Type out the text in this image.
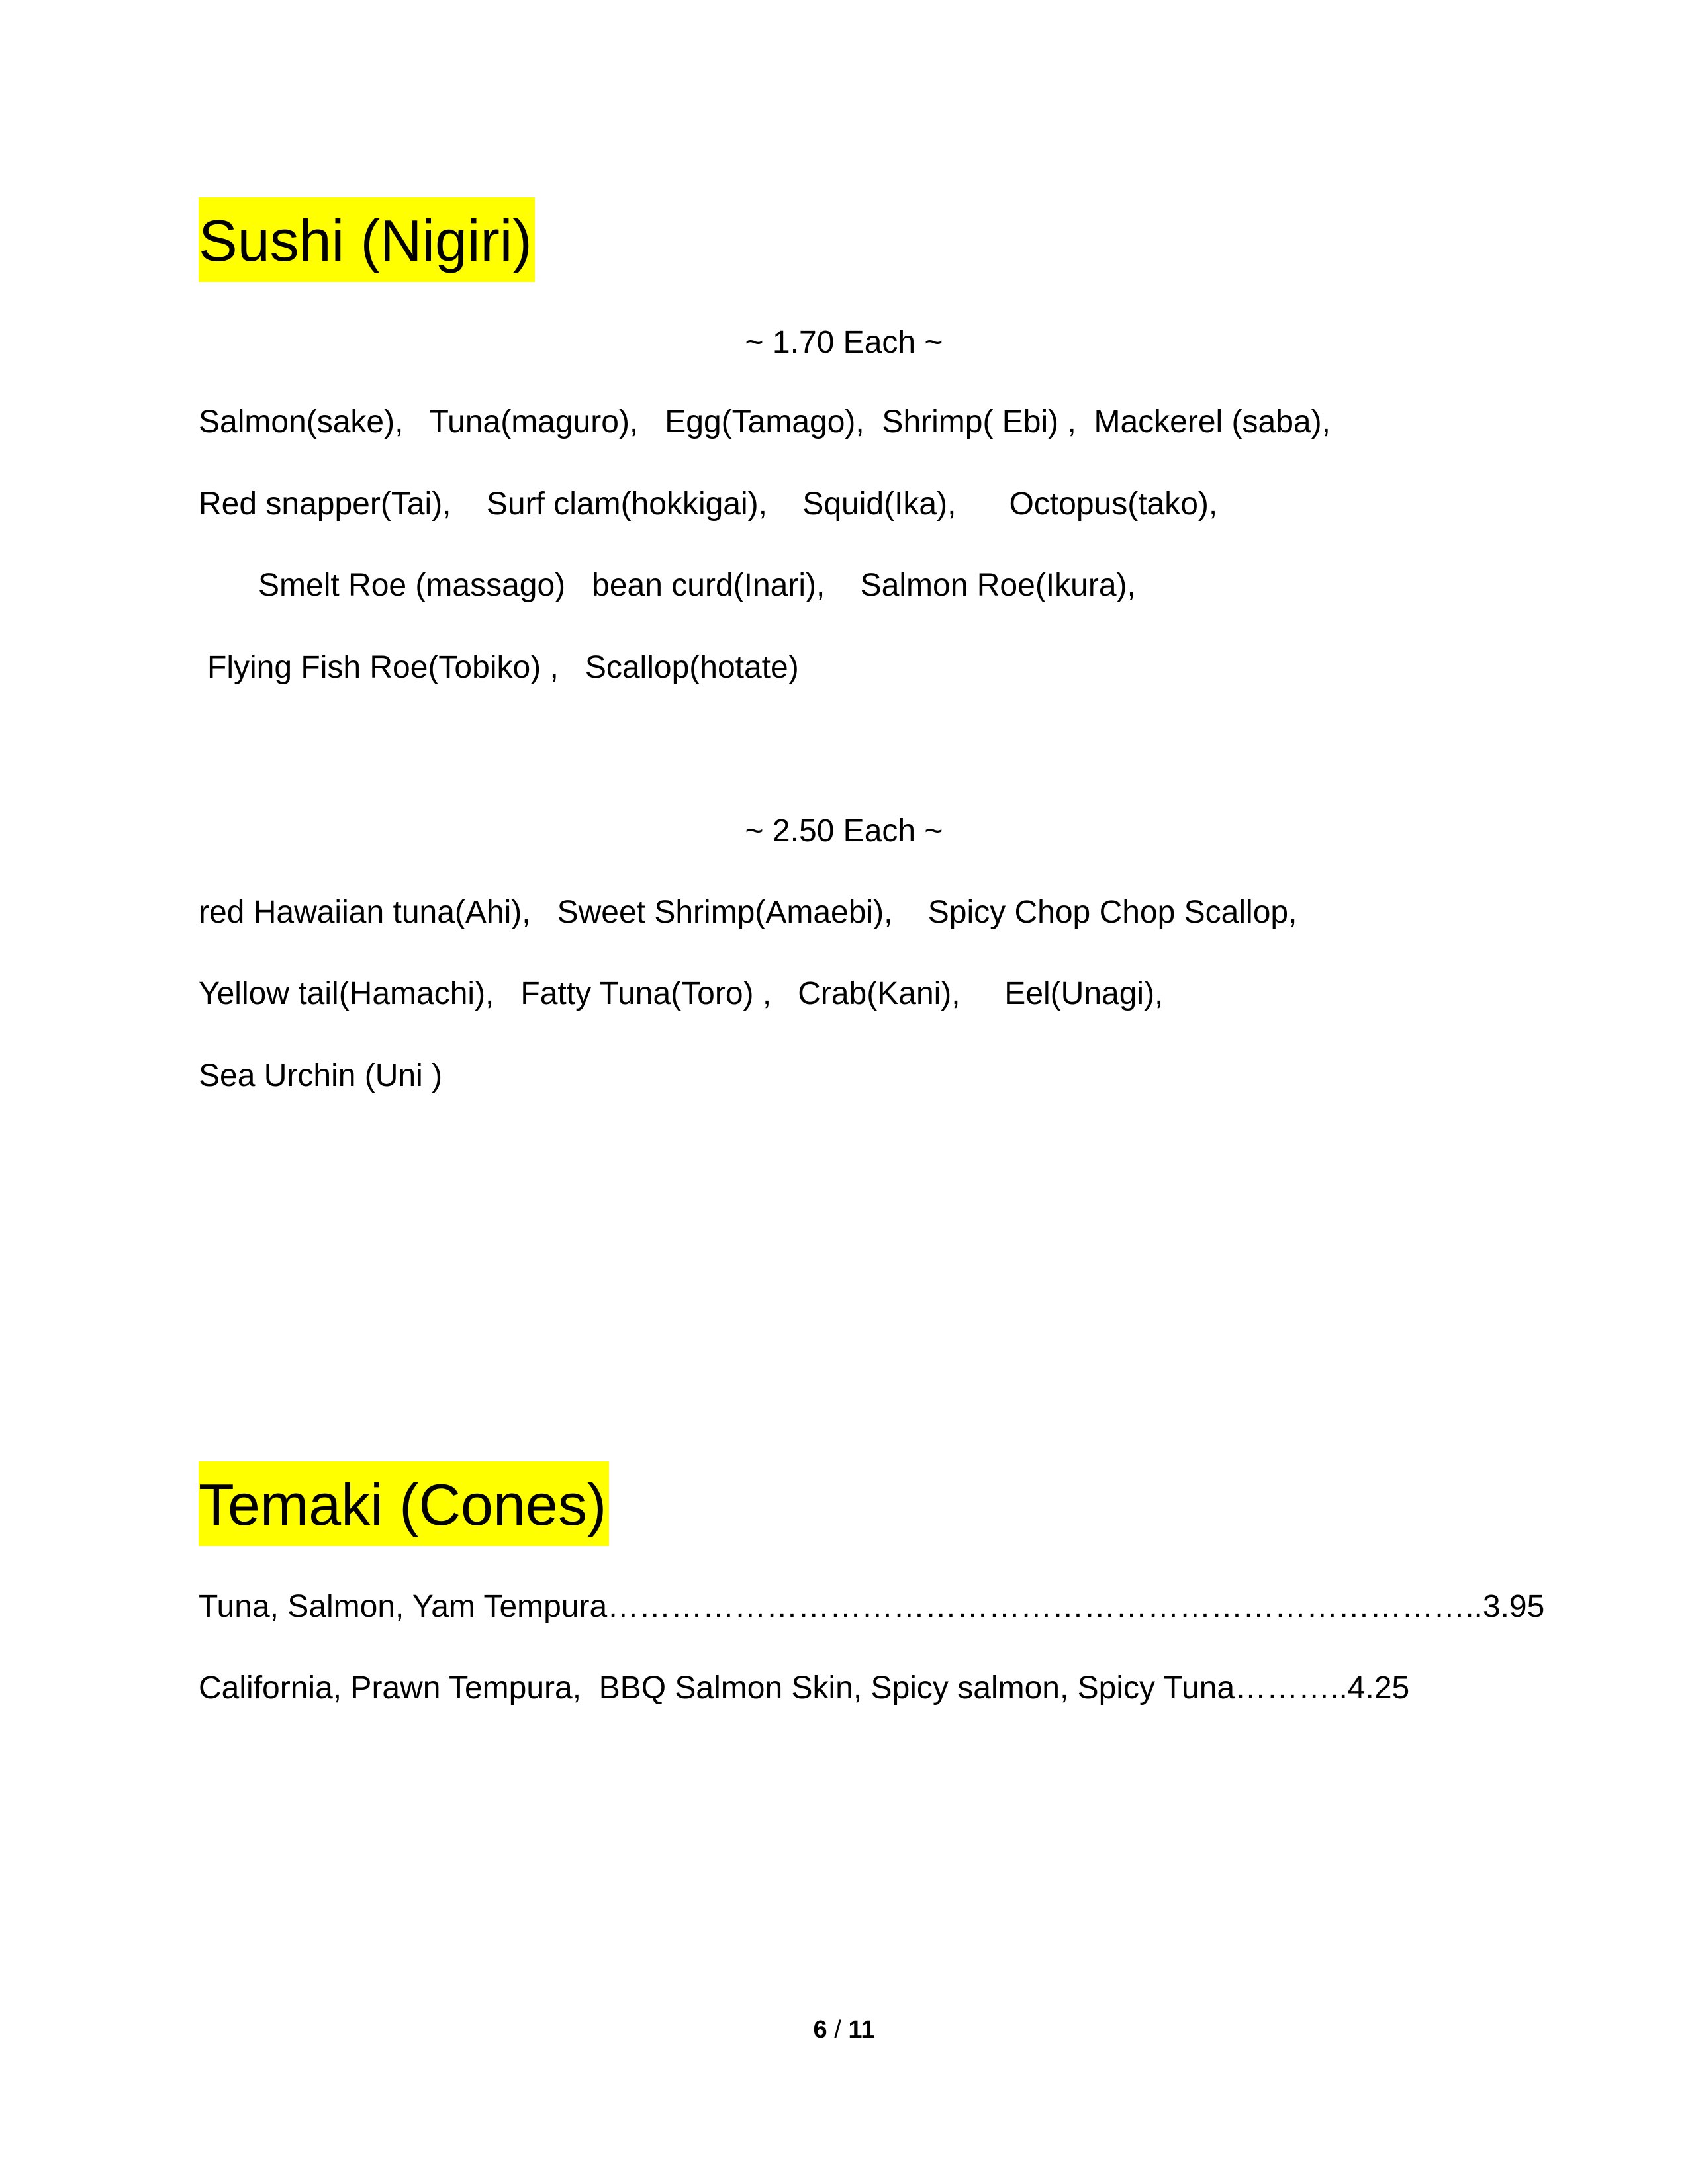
Sushi (Nigiri)
~ 1.70 Each ~
Salmon(sake),   Tuna(maguro),   Egg(Tamago),  Shrimp( Ebi) ,  Mackerel (saba),
Red snapper(Tai),    Surf clam(hokkigai),    Squid(Ika),      Octopus(tako),
Smelt Roe (massago)   bean curd(Inari),    Salmon Roe(Ikura),
Flying Fish Roe(Tobiko) ,   Scallop(hotate)
~ 2.50 Each ~
red Hawaiian tuna(Ahi),   Sweet Shrimp(Amaebi),    Spicy Chop Chop Scallop,
Yellow tail(Hamachi),   Fatty Tuna(Toro) ,   Crab(Kani),     Eel(Unagi),
Sea Urchin (Uni )
Temaki (Cones)
Tuna, Salmon, Yam Tempura………………………………………………………………………..3.95
California, Prawn Tempura,  BBQ Salmon Skin, Spicy salmon, Spicy Tuna………..4.25
6 / 11
